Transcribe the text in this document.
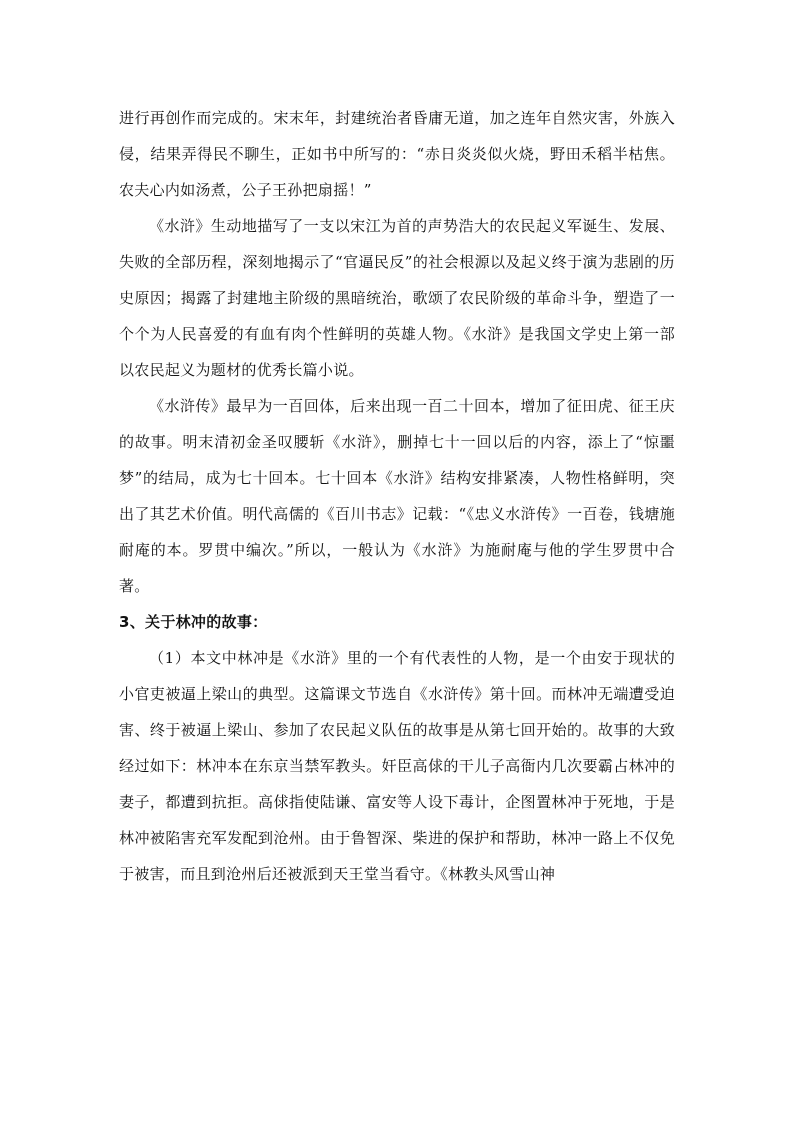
进行再创作而完成的。宋末年，封建统治者昏庸无道，加之连年自然灾害，外族入侵，结果弄得民不聊生，正如书中所写的：“赤日炎炎似火烧，野田禾稻半枯焦。农夫心内如汤煮，公子王孙把扇摇！”

《水浒》生动地描写了一支以宋江为首的声势浩大的农民起义军诞生、发展、失败的全部历程，深刻地揭示了“官逼民反”的社会根源以及起义终于演为悲剧的历史原因；揭露了封建地主阶级的黑暗统治，歌颂了农民阶级的革命斗争，塑造了一个个为人民喜爱的有血有肉个性鲜明的英雄人物。《水浒》是我国文学史上第一部以农民起义为题材的优秀长篇小说。

《水浒传》最早为一百回体，后来出现一百二十回本，增加了征田虎、征王庆的故事。明末清初金圣叹腰斩《水浒》，删掉七十一回以后的内容，添上了“惊噩梦”的结局，成为七十回本。七十回本《水浒》结构安排紧凑，人物性格鲜明，突出了其艺术价值。明代高儒的《百川书志》记载：“《忠义水浒传》一百卷，钱塘施耐庵的本。罗贯中编次。”所以，一般认为《水浒》为施耐庵与他的学生罗贯中合著。

3、关于林冲的故事：

（1）本文中林冲是《水浒》里的一个有代表性的人物，是一个由安于现状的小官吏被逼上梁山的典型。这篇课文节选自《水浒传》第十回。而林冲无端遭受迫害、终于被逼上梁山、参加了农民起义队伍的故事是从第七回开始的。故事的大致经过如下：林冲本在东京当禁军教头。奸臣高俅的干儿子高衙内几次要霸占林冲的妻子，都遭到抗拒。高俅指使陆谦、富安等人设下毒计，企图置林冲于死地，于是林冲被陷害充军发配到沧州。由于鲁智深、柴进的保护和帮助，林冲一路上不仅免于被害，而且到沧州后还被派到天王堂当看守。《林教头风雪山神
